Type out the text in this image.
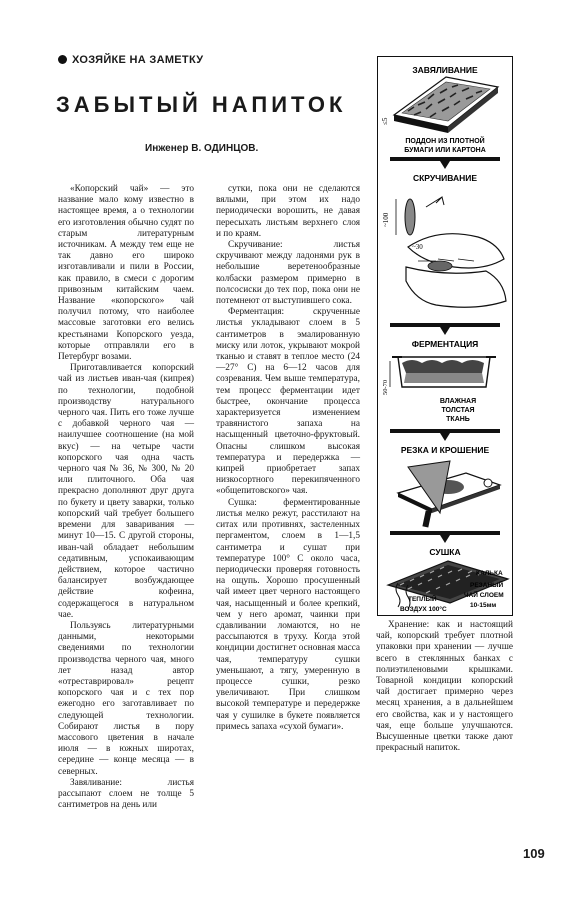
ХОЗЯЙКЕ НА ЗАМЕТКУ
ЗАБЫТЫЙ НАПИТОК
Инженер В. ОДИНЦОВ.

«Копорский чай» — это название мало кому известно в настоящее время, а о технологии его изготовления обычно судят по старым литературным источникам. А между тем еще не так давно его широко изготавливали и пили в России, как правило, в смеси с дорогим привозным китайским чаем. Название «копорского» чай получил потому, что наиболее массовые заготовки его велись крестьянами Копорского уезда, которые отправляли его в Петербург возами.

Приготавливается копорский чай из листьев иван-чая (кипрея) по технологии, подобной производству натурального черного чая. Пить его тоже лучше с добавкой черного чая — наилучшее соотношение (на мой вкус) — на четыре части копорского чая одна часть черного чая № 36, № 300, № 20 или плиточного. Оба чая прекрасно дополняют друг друга по букету и цвету заварки, только копорский чай требует большего времени для заваривания — минут 10—15. С другой стороны, иван-чай обладает небольшим седативным, успокаивающим действием, которое частично балансирует возбуждающее действие кофеина, содержащегося в натуральном чае.

Пользуясь литературными данными, некоторыми сведениями по технологии производства черного чая, много лет назад автор «отреставрировал» рецепт копорского чая и с тех пор ежегодно его заготавливает по следующей технологии. Собирают листья в пору массового цветения в начале июля — в южных широтах, середине — конце месяца — в северных.

Завяливание: листья рассыпают слоем не толще 5 сантиметров на день или

сутки, пока они не сделаются вялыми, при этом их надо периодически ворошить, не давая пересыхать листьям верхнего слоя и по краям.

Скручивание: листья скручивают между ладонями рук в небольшие веретенообразные колбаски размером примерно в полсосиски до тех пор, пока они не потемнеют от выступившего сока.

Ферментация: скрученные листья укладывают слоем в 5 сантиметров в эмалированную миску или лоток, укрывают мокрой тканью и ставят в теплое место (24—27° С) на 6—12 часов для созревания. Чем выше температура, тем процесс ферментации идет быстрее, окончание процесса характеризуется изменением травянистого запаха на насыщенный цветочно-фруктовый. Опасны слишком высокая температура и передержка — кипрей приобретает запах низкосортного перекипяченного «общепитовского» чая.

Сушка: ферментированные листья мелко режут, расстилают на ситах или противнях, застеленных пергаментом, слоем в 1—1,5 сантиметра и сушат при температуре 100° С около часа, периодически проверяя готовность на ощупь. Хорошо просушенный чай имеет цвет черного настоящего чая, насыщенный и более крепкий, чем у него аромат, чаинки при сдавливании ломаются, но не рассыпаются в труху. Когда этой кондиции достигнет основная масса чая, температуру сушки уменьшают, а тягу, умеренную в процессе сушки, резко увеличивают. При слишком высокой температуре и передержке чая у сушилке в букете появляется примесь запаха «сухой бумаги».

Хранение: как и настоящий чай, копорский требует плотной упаковки при хранении — лучше всего в стеклянных банках с полиэтиленовыми крышками. Товарной кондиции копорский чай достигает примерно через месяц хранения, а в дальнейшем его свойства, как и у настоящего чая, еще больше улучшаются. Высушенные цветки также дают прекрасный напиток.

ЗАВЯЛИВАНИЕ
≤5
ПОДДОН ИЗ ПЛОТНОЙ
БУМАГИ ИЛИ КАРТОНА
СКРУЧИВАНИЕ
~100
~30
ФЕРМЕНТАЦИЯ
50-70
ВЛАЖНАЯ
ТОЛСТАЯ
ТКАНЬ
РЕЗКА И КРОШЕНИЕ
СУШКА
КАЛЬКА
РЕЗАНЫЙ
ЧАЙ СЛОЕМ
10-15мм
ТЕПЛЫЙ
ВОЗДУХ 100°С
109
